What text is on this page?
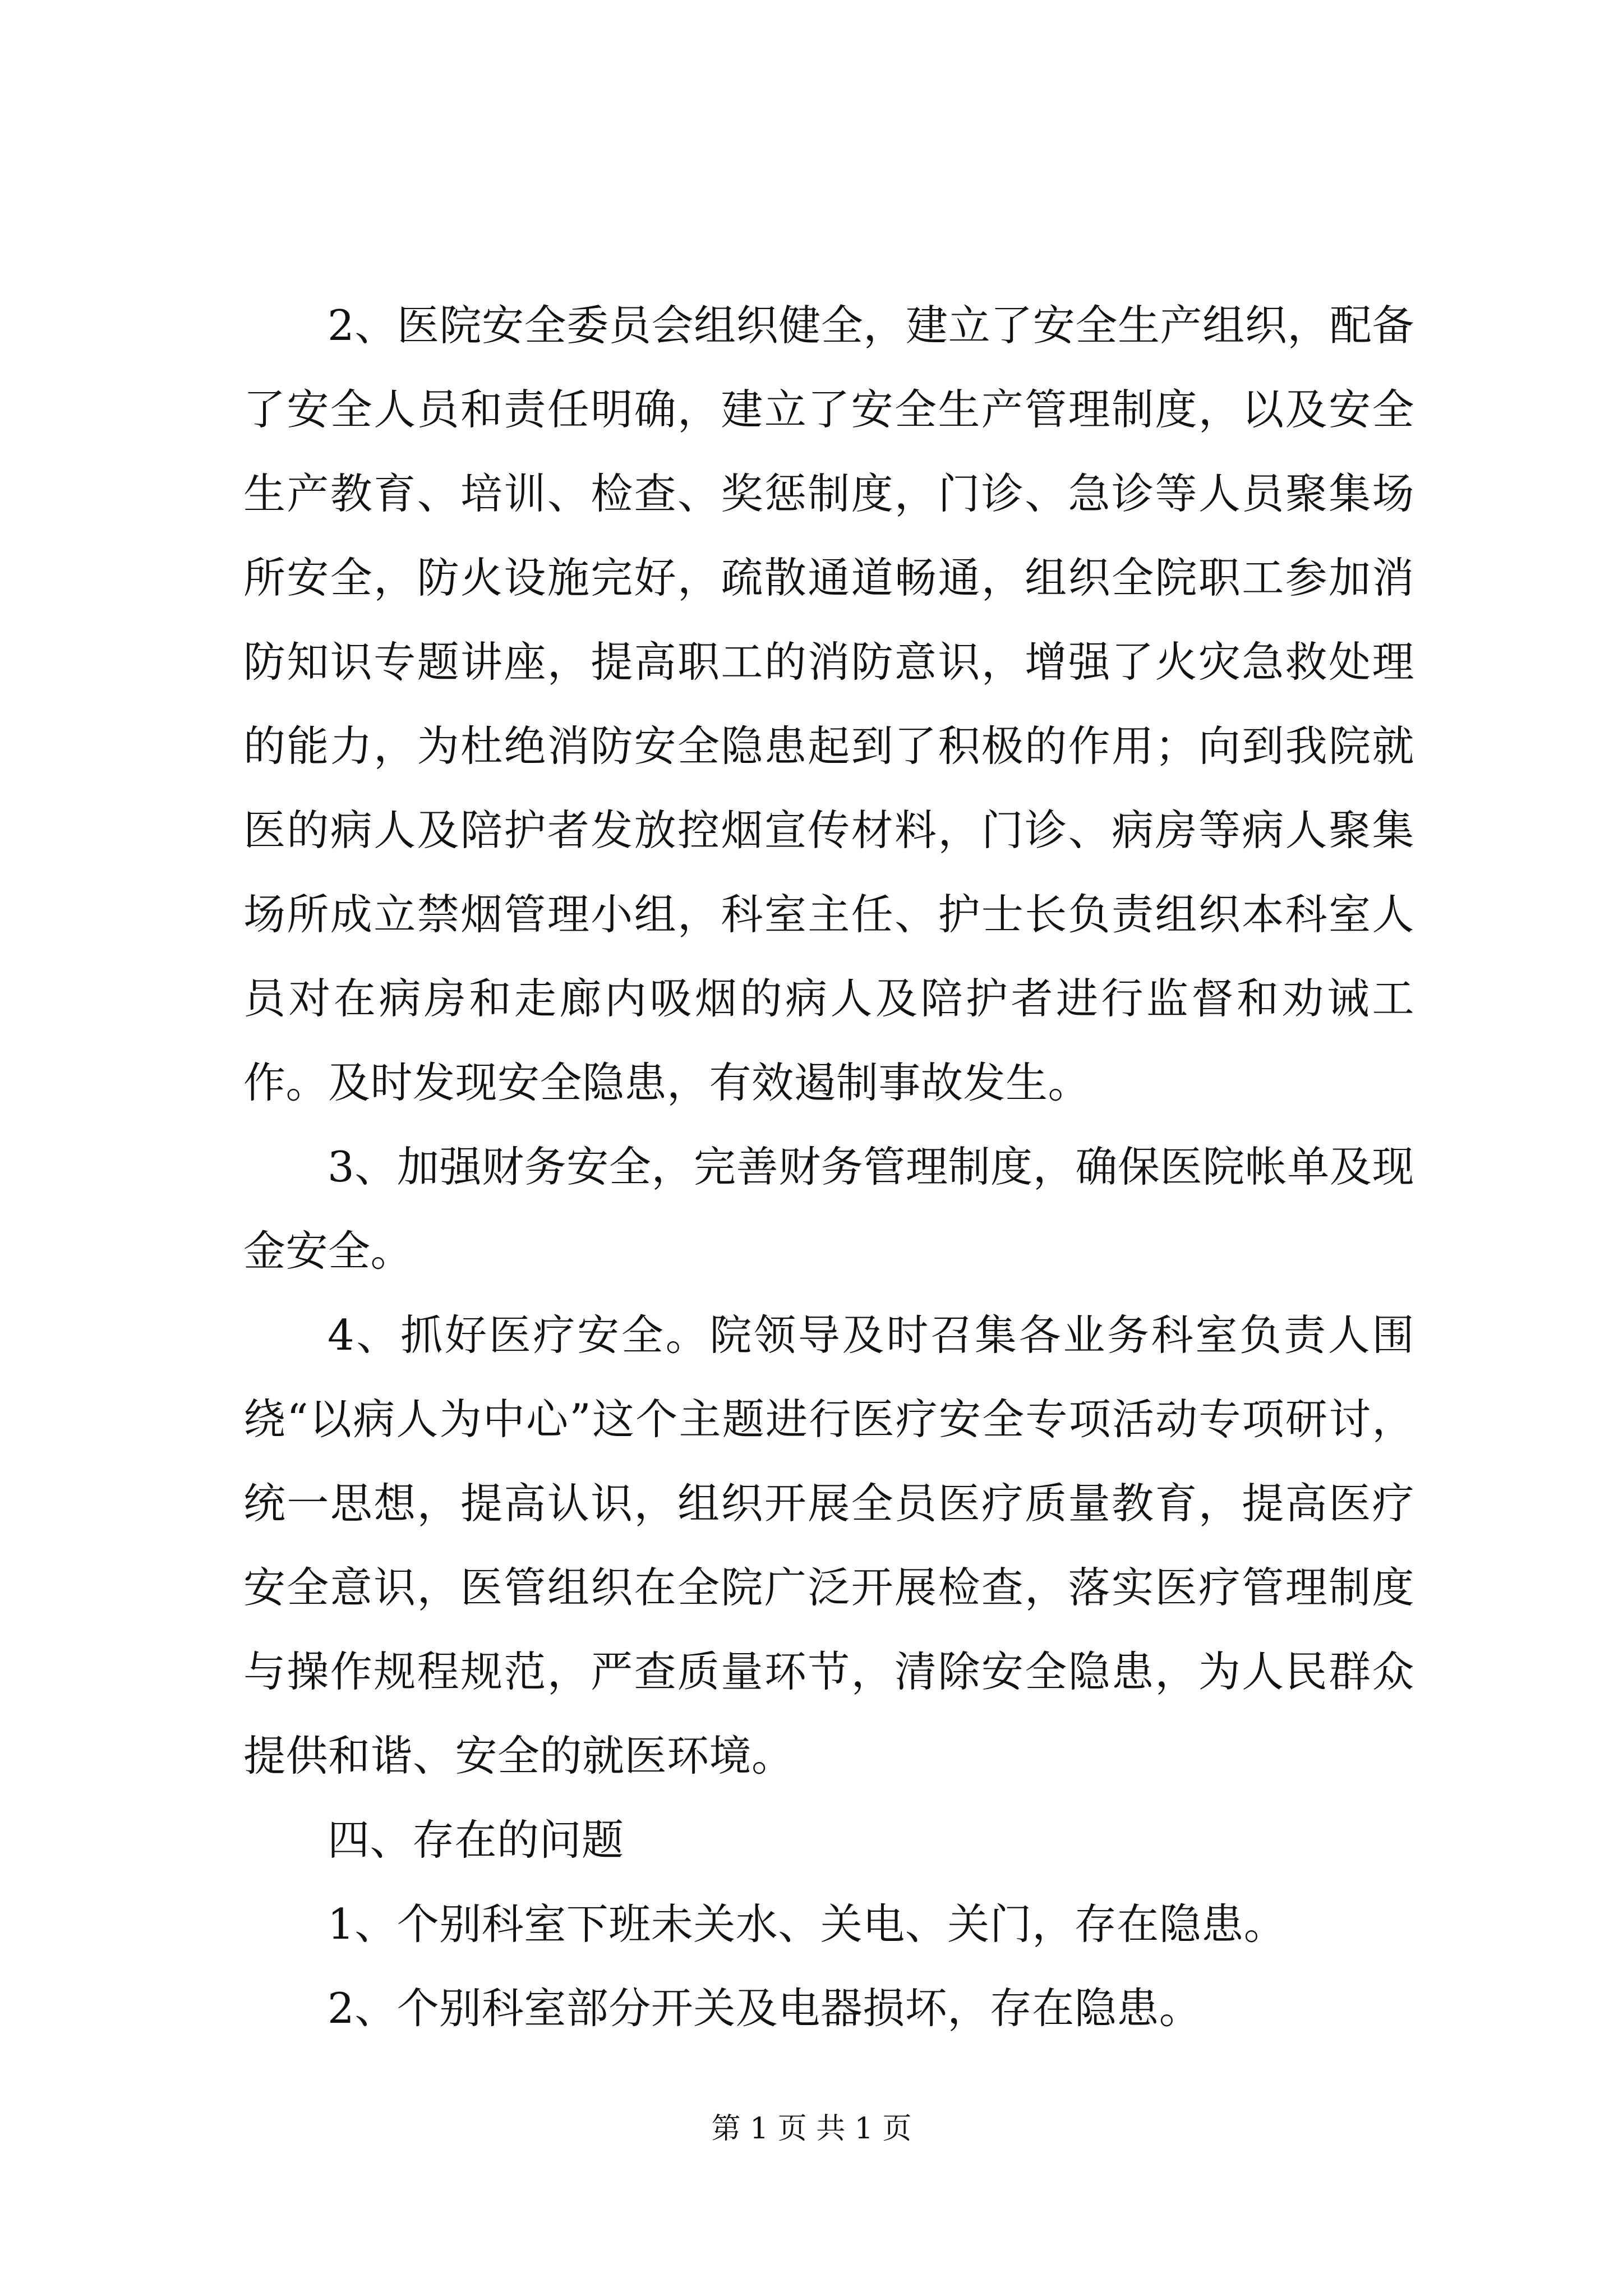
2、医院安全委员会组织健全，建立了安全生产组织，配备了安全人员和责任明确，建立了安全生产管理制度，以及安全生产教育、培训、检查、奖惩制度，门诊、急诊等人员聚集场所安全，防火设施完好，疏散通道畅通，组织全院职工参加消防知识专题讲座，提高职工的消防意识，增强了火灾急救处理的能力，为杜绝消防安全隐患起到了积极的作用；向到我院就医的病人及陪护者发放控烟宣传材料，门诊、病房等病人聚集场所成立禁烟管理小组，科室主任、护士长负责组织本科室人员对在病房和走廊内吸烟的病人及陪护者进行监督和劝诫工作。及时发现安全隐患，有效遏制事故发生。

3、加强财务安全，完善财务管理制度，确保医院帐单及现金安全。

4、抓好医疗安全。院领导及时召集各业务科室负责人围绕“以病人为中心”这个主题进行医疗安全专项活动专项研讨，统一思想，提高认识，组织开展全员医疗质量教育，提高医疗安全意识，医管组织在全院广泛开展检查，落实医疗管理制度与操作规程规范，严查质量环节，清除安全隐患，为人民群众提供和谐、安全的就医环境。

四、存在的问题

1、个别科室下班未关水、关电、关门，存在隐患。

2、个别科室部分开关及电器损坏，存在隐患。

第 1 页 共 1 页
